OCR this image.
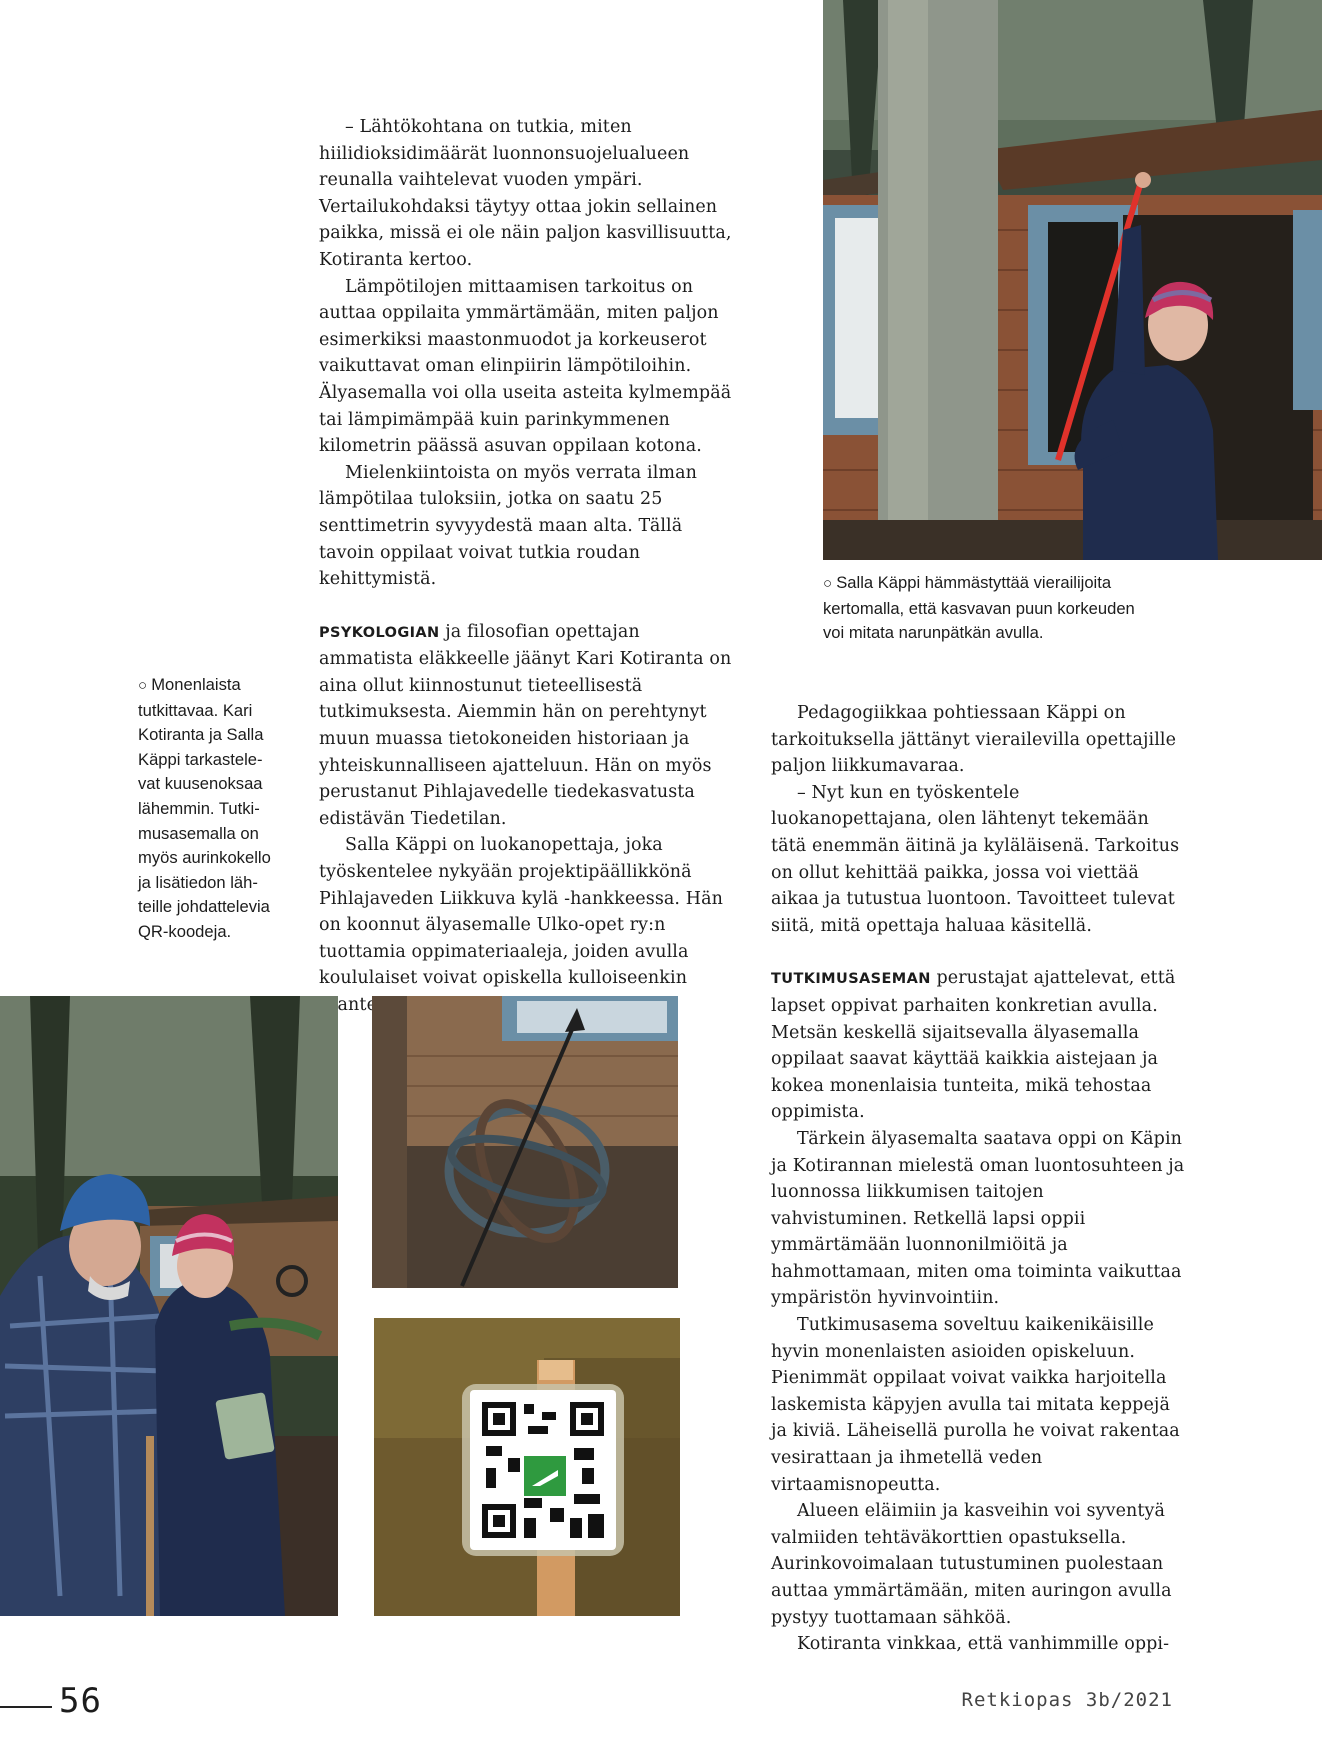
○ Salla Käppi hämmästyttää vierailijoita
kertomalla, että kasvavan puun korkeuden
voi mitata narunpätkän avulla.
○ Monenlaista
tutkittavaa. Kari
Kotiranta ja Salla
Käppi tarkastele-
vat kuusenoksaa
lähemmin. Tutki-
musasemalla on
myös aurinkokello
ja lisätiedon läh-
teille johdattelevia
QR-koodeja.

– Lähtökohtana on tutkia, miten hiilidioksidimäärät luonnonsuojelualueen reunalla vaihtelevat vuoden ympäri. Vertailukohdaksi täytyy ottaa jokin sellainen paikka, missä ei ole näin paljon kasvillisuutta, Kotiranta kertoo.

Lämpötilojen mittaamisen tarkoitus on auttaa oppilaita ymmärtämään, miten paljon esimerkiksi maastonmuodot ja korkeuserot vaikuttavat oman elinpiirin lämpötiloihin. Älyasemalla voi olla useita asteita kylmempää tai lämpimämpää kuin parinkymmenen kilometrin päässä asuvan oppilaan kotona.

Mielenkiintoista on myös verrata ilman lämpötilaa tuloksiin, jotka on saatu 25 senttimetrin syvyydestä maan alta. Tällä tavoin oppilaat voivat tutkia roudan kehittymistä.

PSYKOLOGIAN ja filosofian opettajan ammatista eläkkeelle jäänyt Kari Kotiranta on aina ollut kiinnostunut tieteellisestä tutkimuksesta. Aiemmin hän on perehtynyt muun muassa tietokoneiden historiaan ja yhteiskunnalliseen ajatteluun. Hän on myös perustanut Pihlajavedelle tiedekasvatusta edistävän Tiedetilan.

Salla Käppi on luokanopettaja, joka työskentelee nykyään projektipäällikkönä Pihlajaveden Liikkuva kylä -hankkeessa. Hän on koonnut älyasemalle Ulko-opet ry:n tuottamia oppimateriaaleja, joiden avulla koululaiset voivat opiskella kulloiseenkin

Pedagogiikkaa pohtiessaan Käppi on tarkoituksella jättänyt vierailevilla opettajille paljon liikkumavaraa.

– Nyt kun en työskentele luokanopettajana, olen lähtenyt tekemään tätä enemmän äitinä ja kyläläisenä. Tarkoitus on ollut kehittää paikka, jossa voi viettää aikaa ja tutustua luontoon. Tavoitteet tulevat siitä, mitä opettaja haluaa käsitellä.

TUTKIMUSASEMAN perustajat ajattelevat, että lapset oppivat parhaiten konkretian avulla. Metsän keskellä sijaitsevalla älyasemalla oppilaat saavat käyttää kaikkia aistejaan ja kokea monenlaisia tunteita, mikä tehostaa oppimista.

Tärkein älyasemalta saatava oppi on Käpin ja Kotirannan mielestä oman luontosuhteen ja luonnossa liikkumisen taitojen vahvistuminen. Retkellä lapsi oppii ymmärtämään luonnonilmiöitä ja hahmottamaan, miten oma toiminta vaikuttaa ympäristön hyvinvointiin.

Tutkimusasema soveltuu kaikenikäisille hyvin monenlaisten asioiden opiskeluun. Pienimmät oppilaat voivat vaikka harjoitella laskemista käpyjen avulla tai mitata keppejä ja kiviä. Läheisellä purolla he voivat rakentaa vesirattaan ja ihmetellä veden virtaamisnopeutta.

Alueen eläimiin ja kasveihin voi syventyä valmiiden tehtäväkorttien opastuksella. Aurinkovoimalaan tutustuminen puolestaan auttaa ymmärtämään, miten auringon avulla pystyy tuottamaan sähköä.

Kotiranta vinkkaa, että vanhimmille oppi-

56	Retkiopas 3b/2021
